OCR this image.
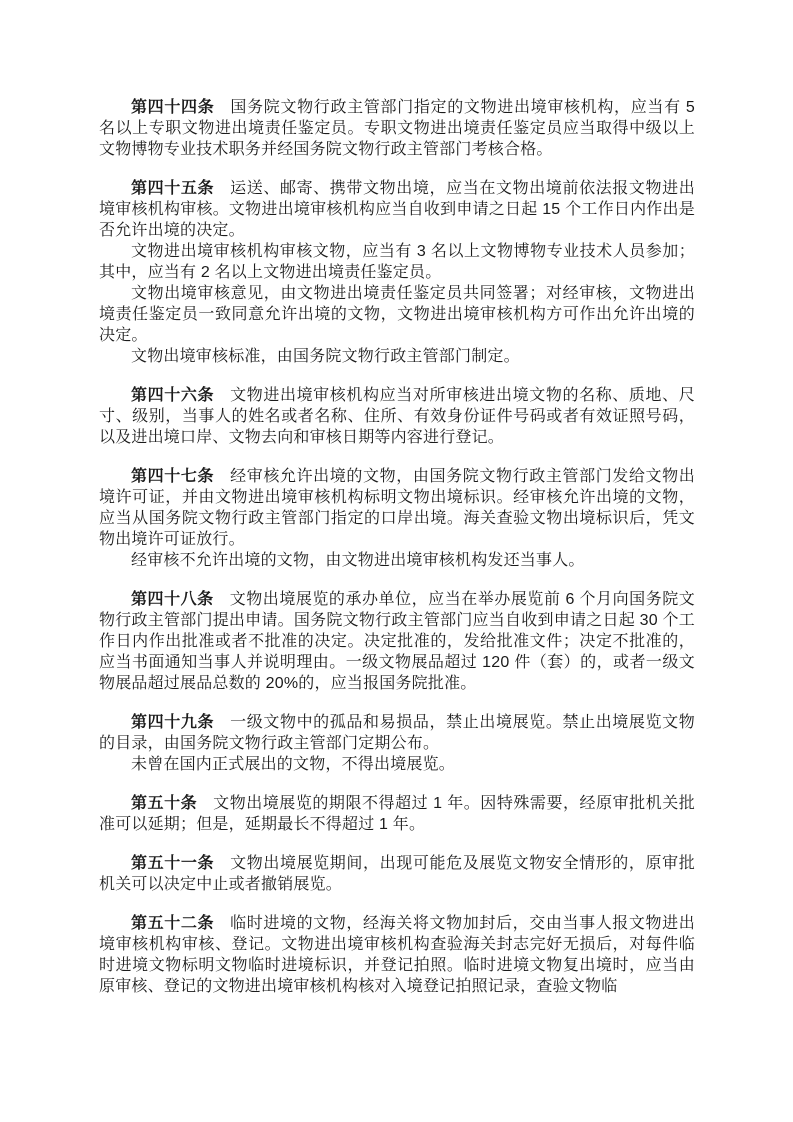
第四十四条 国务院文物行政主管部门指定的文物进出境审核机构，应当有 5 名以上专职文物进出境责任鉴定员。专职文物进出境责任鉴定员应当取得中级以上文物博物专业技术职务并经国务院文物行政主管部门考核合格。

第四十五条 运送、邮寄、携带文物出境，应当在文物出境前依法报文物进出境审核机构审核。文物进出境审核机构应当自收到申请之日起 15 个工作日内作出是否允许出境的决定。

文物进出境审核机构审核文物，应当有 3 名以上文物博物专业技术人员参加；其中，应当有 2 名以上文物进出境责任鉴定员。

文物出境审核意见，由文物进出境责任鉴定员共同签署；对经审核，文物进出境责任鉴定员一致同意允许出境的文物，文物进出境审核机构方可作出允许出境的决定。

文物出境审核标准，由国务院文物行政主管部门制定。

第四十六条 文物进出境审核机构应当对所审核进出境文物的名称、质地、尺寸、级别，当事人的姓名或者名称、住所、有效身份证件号码或者有效证照号码，以及进出境口岸、文物去向和审核日期等内容进行登记。

第四十七条 经审核允许出境的文物，由国务院文物行政主管部门发给文物出境许可证，并由文物进出境审核机构标明文物出境标识。经审核允许出境的文物，应当从国务院文物行政主管部门指定的口岸出境。海关查验文物出境标识后，凭文物出境许可证放行。

经审核不允许出境的文物，由文物进出境审核机构发还当事人。

第四十八条 文物出境展览的承办单位，应当在举办展览前 6 个月向国务院文物行政主管部门提出申请。国务院文物行政主管部门应当自收到申请之日起 30 个工作日内作出批准或者不批准的决定。决定批准的，发给批准文件；决定不批准的，应当书面通知当事人并说明理由。一级文物展品超过 120 件（套）的，或者一级文物展品超过展品总数的 20%的，应当报国务院批准。

第四十九条 一级文物中的孤品和易损品，禁止出境展览。禁止出境展览文物的目录，由国务院文物行政主管部门定期公布。

未曾在国内正式展出的文物，不得出境展览。

第五十条 文物出境展览的期限不得超过 1 年。因特殊需要，经原审批机关批准可以延期；但是，延期最长不得超过 1 年。

第五十一条 文物出境展览期间，出现可能危及展览文物安全情形的，原审批机关可以决定中止或者撤销展览。

第五十二条 临时进境的文物，经海关将文物加封后，交由当事人报文物进出境审核机构审核、登记。文物进出境审核机构查验海关封志完好无损后，对每件临时进境文物标明文物临时进境标识，并登记拍照。临时进境文物复出境时，应当由原审核、登记的文物进出境审核机构核对入境登记拍照记录，查验文物临
